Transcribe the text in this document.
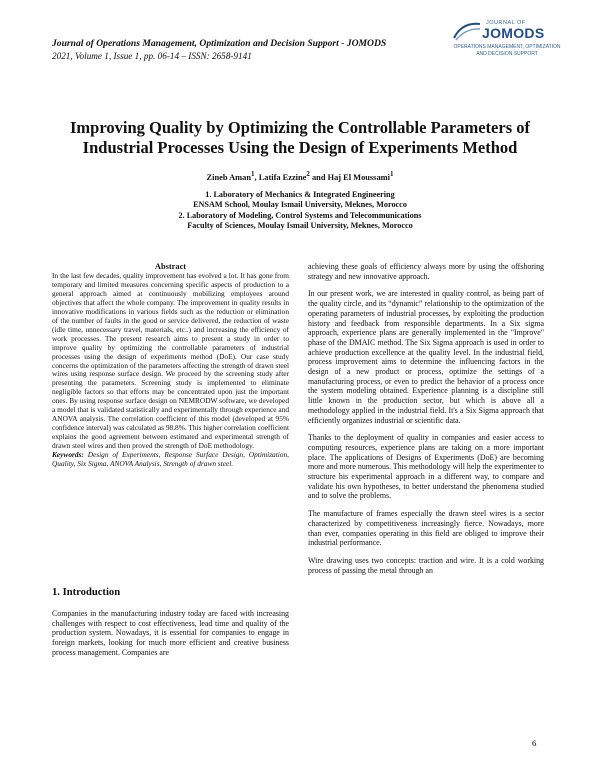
Journal of Operations Management, Optimization and Decision Support - JOMODS
2021, Volume 1, Issue 1, pp. 06-14 – ISSN: 2658-9141
JOURNAL OF
JOMODS
OPERATIONS MANAGEMENT, OPTIMIZATION
AND DECISION SUPPORT
Improving Quality by Optimizing the Controllable Parameters of
Industrial Processes Using the Design of Experiments Method
Zineb Aman$^1$, Latifa Ezzine$^2$ and Haj El Moussami$^1$
1. Laboratory of Mechanics & Integrated Engineering
ENSAM School, Moulay Ismail University, Meknes, Morocco
2. Laboratory of Modeling, Control Systems and Telecommunications
Faculty of Sciences, Moulay Ismail University, Meknes, Morocco
Abstract

In the last few decades, quality improvement has evolved a lot. It has gone from temporary and limited measures concerning specific aspects of production to a general approach aimed at continuously mobilizing employees around objectives that affect the whole company. The improvement in quality results in innovative modifications in various fields such as the reduction or elimination of the number of faults in the good or service delivered, the reduction of waste (idle time, unnecessary travel, materials, etc..) and increasing the efficiency of work processes. The present research aims to present a study in order to improve quality by optimizing the controllable parameters of industrial processes using the design of experiments method (DoE). Our case study concerns the optimization of the parameters affecting the strength of drawn steel wires using response surface design. We proceed by the screening study after presenting the parameters. Screening study is implemented to eliminate negligible factors so that efforts may be concentrated upon just the important ones. By using response surface design on NEMRODW software, we developed a model that is validated statistically and experimentally through experience and ANOVA analysis. The correlation coefficient of this model (developed at 95% confidence interval) was calculated as 98.8%. This higher correlation coefficient explains the good agreement between estimated and experimental strength of drawn steel wires and then proved the strength of DoE methodology.

Keywords: Design of Experiments, Response Surface Design, Optimization, Quality, Six Sigma, ANOVA Analysis, Strength of drawn steel.

1. Introduction

Companies in the manufacturing industry today are faced with increasing challenges with respect to cost effectiveness, lead time and quality of the production system. Nowadays, it is essential for companies to engage in foreign markets, looking for much more efficient and creative business process management. Companies are

achieving these goals of efficiency always more by using the offshoring strategy and new innovative approach.

In our present work, we are interested in quality control, as being part of the quality circle, and its “dynamic” relationship to the optimization of the operating parameters of industrial processes, by exploiting the production history and feedback from responsible departments. In a Six sigma approach, experience plans are generally implemented in the "Improve" phase of the DMAIC method. The Six Sigma approach is used in order to achieve production excellence at the quality level. In the industrial field, process improvement aims to determine the influencing factors in the design of a new product or process, optimize the settings of a manufacturing process, or even to predict the behavior of a process once the system modeling obtained. Experience planning is a discipline still little known in the production sector, but which is above all a methodology applied in the industrial field. It's a Six Sigma approach that efficiently organizes industrial or scientific data.

Thanks to the deployment of quality in companies and easier access to computing resources, experience plans are taking on a more important place. The applications of Designs of Experiments (DoE) are becoming more and more numerous. This methodology will help the experimenter to structure his experimental approach in a different way, to compare and validate his own hypotheses, to better understand the phenomena studied and to solve the problems.

The manufacture of frames especially the drawn steel wires is a sector characterized by competitiveness increasingly fierce. Nowadays, more than ever, companies operating in this field are obliged to improve their industrial performance.

Wire drawing uses two concepts: traction and wire. It is a cold working process of passing the metal through an

6
